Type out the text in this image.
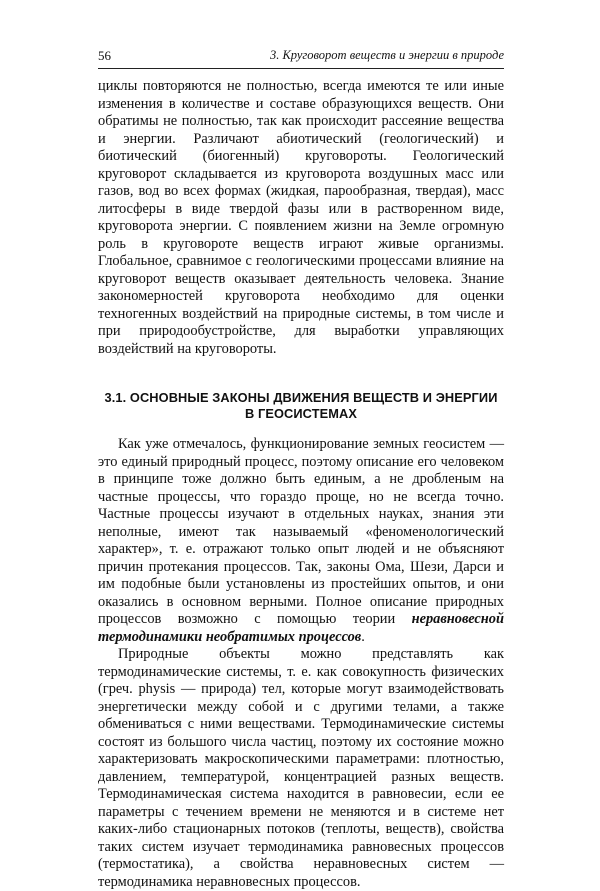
56	3. Круговорот веществ и энергии в природе

циклы повторяются не полностью, всегда имеются те или иные изменения в количестве и составе образующихся веществ. Они обратимы не полностью, так как происходит рассеяние вещества и энергии. Различают абиотический (геологический) и биотический (биогенный) круговороты. Геологический круговорот складывается из круговорота воздушных масс или газов, вод во всех формах (жидкая, парообразная, твердая), масс литосферы в виде твердой фазы или в растворенном виде, круговорота энергии. С появлением жизни на Земле огромную роль в круговороте веществ играют живые организмы. Глобальное, сравнимое с геологическими процессами влияние на круговорот веществ оказывает деятельность человека. Знание закономерностей круговорота необходимо для оценки техногенных воздействий на природные системы, в том числе и при природообустройстве, для выработки управляющих воздействий на круговороты.

3.1. ОСНОВНЫЕ ЗАКОНЫ ДВИЖЕНИЯ ВЕЩЕСТВ И ЭНЕРГИИ
В ГЕОСИСТЕМАХ

Как уже отмечалось, функционирование земных геосистем — это единый природный процесс, поэтому описание его человеком в принципе тоже должно быть единым, а не дробленым на частные процессы, что гораздо проще, но не всегда точно. Частные процессы изучают в отдельных науках, знания эти неполные, имеют так называемый «феноменологический характер», т. е. отражают только опыт людей и не объясняют причин протекания процессов. Так, законы Ома, Шези, Дарси и им подобные были установлены из простейших опытов, и они оказались в основном верными. Полное описание природных процессов возможно с помощью теории неравновесной термодинамики необратимых процессов.

Природные объекты можно представлять как термодинамические системы, т. е. как совокупность физических (греч. physis — природа) тел, которые могут взаимодействовать энергетически между собой и с другими телами, а также обмениваться с ними веществами. Термодинамические системы состоят из большого числа частиц, поэтому их состояние можно характеризовать макроскопическими параметрами: плотностью, давлением, температурой, концентрацией разных веществ. Термодинамическая система находится в равновесии, если ее параметры с течением времени не меняются и в системе нет каких-либо стационарных потоков (теплоты, веществ), свойства таких систем изучает термодинамика равновесных процессов (термостатика), а свойства неравновесных систем — термодинамика неравновесных процессов.
